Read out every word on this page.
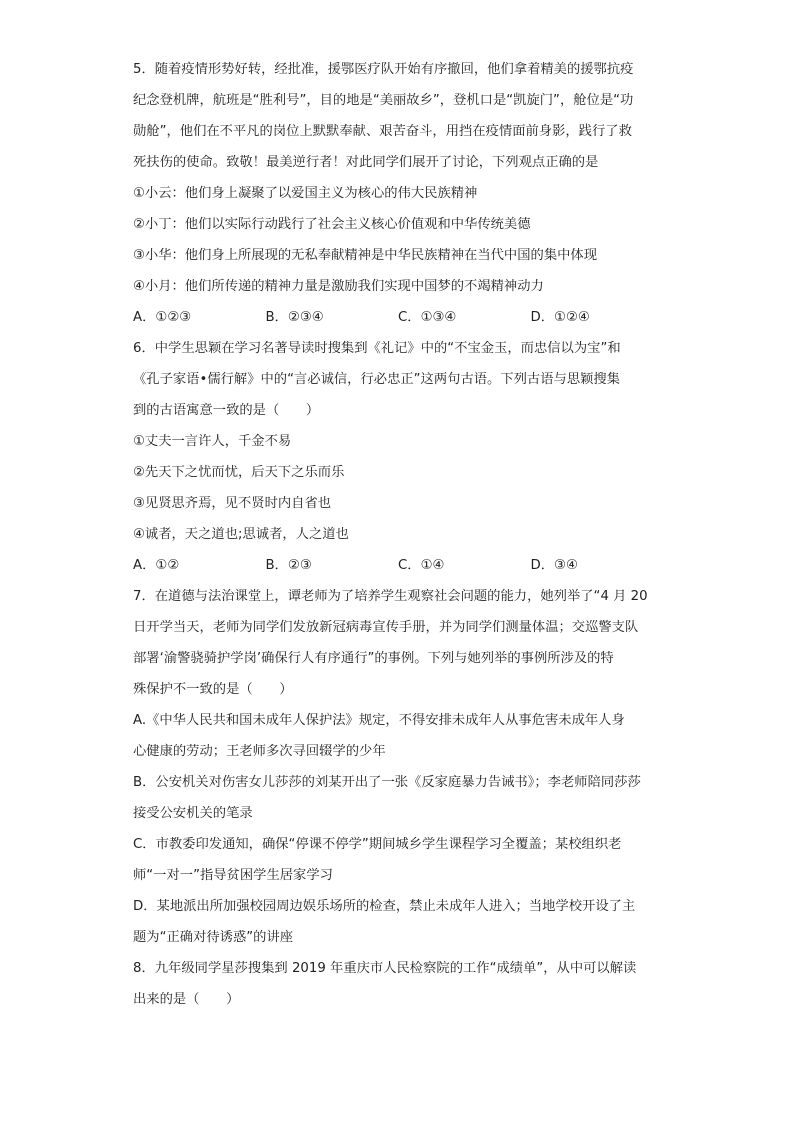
5．随着疫情形势好转，经批准，援鄂医疗队开始有序撤回，他们拿着精美的援鄂抗疫
纪念登机牌，航班是“胜利号”，目的地是“美丽故乡”，登机口是“凯旋门”，舱位是“功
勋舱”，他们在不平凡的岗位上默默奉献、艰苦奋斗，用挡在疫情面前身影，践行了救
死扶伤的使命。致敬！最美逆行者！对此同学们展开了讨论，下列观点正确的是
①小云：他们身上凝聚了以爱国主义为核心的伟大民族精神
②小丁：他们以实际行动践行了社会主义核心价值观和中华传统美德
③小华：他们身上所展现的无私奉献精神是中华民族精神在当代中国的集中体现
④小月：他们所传递的精神力量是激励我们实现中国梦的不竭精神动力
A．①②③	B．②③④	C．①③④	D．①②④
6．中学生思颖在学习名著导读时搜集到《礼记》中的“不宝金玉，而忠信以为宝”和
《孔子家语•儒行解》中的“言必诚信，行必忠正”这两句古语。下列古语与思颖搜集
到的古语寓意一致的是（　　）
①丈夫一言许人，千金不易
②先天下之忧而忧，后天下之乐而乐
③见贤思齐焉，见不贤时内自省也
④诚者，天之道也;思诚者，人之道也
A．①②	B．②③	C．①④	D．③④
7．在道德与法治课堂上，谭老师为了培养学生观察社会问题的能力，她列举了“4 月 20
日开学当天，老师为同学们发放新冠病毒宣传手册，并为同学们测量体温；交巡警支队
部署‘渝警骁骑护学岗’确保行人有序通行”的事例。下列与她列举的事例所涉及的特
殊保护不一致的是（　　）
A.《中华人民共和国未成年人保护法》规定，不得安排未成年人从事危害未成年人身
心健康的劳动；王老师多次寻回辍学的少年
B．公安机关对伤害女儿莎莎的刘某开出了一张《反家庭暴力告诫书》；李老师陪同莎莎
接受公安机关的笔录
C．市教委印发通知，确保“停课不停学”期间城乡学生课程学习全覆盖；某校组织老
师“一对一”指导贫困学生居家学习
D．某地派出所加强校园周边娱乐场所的检查，禁止未成年人进入；当地学校开设了主
题为“正确对待诱惑”的讲座
8．九年级同学星莎搜集到 2019 年重庆市人民检察院的工作“成绩单”，从中可以解读
出来的是（　　）
